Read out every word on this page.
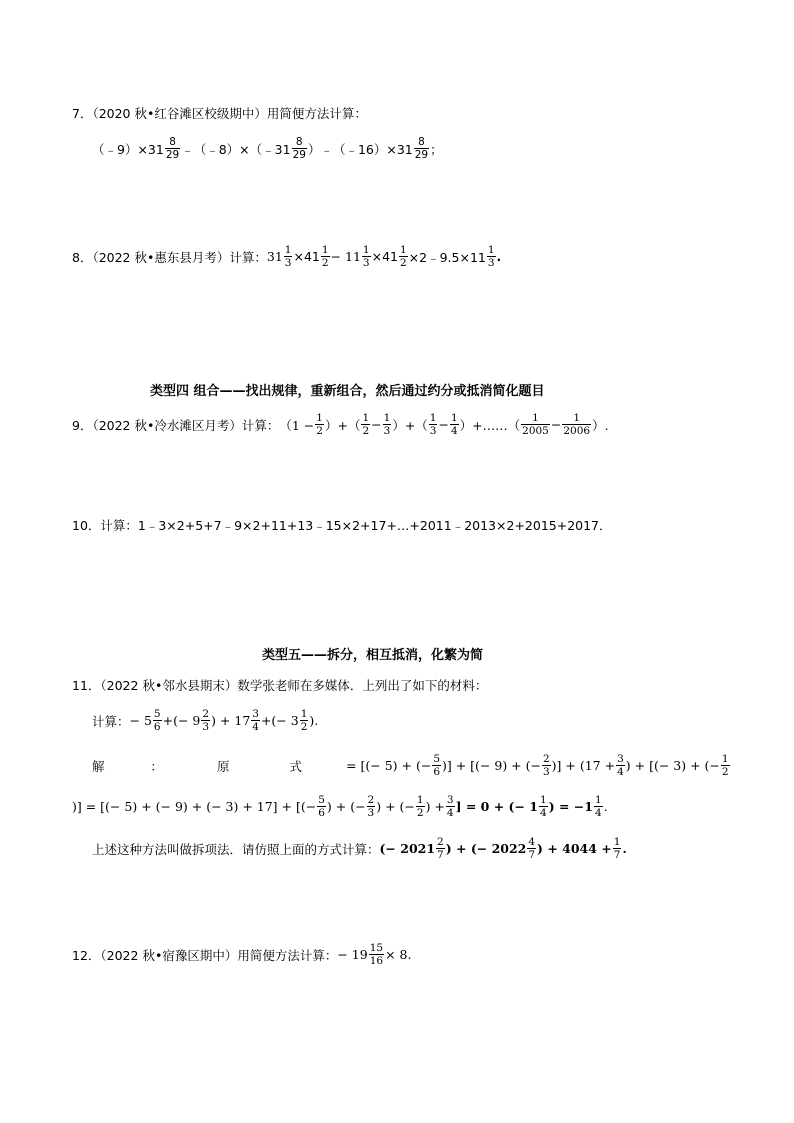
7．（2020 秋•红谷滩区校级期中）用简便方法计算：
（﹣9）×31 $\frac{8}{29}$ ﹣（﹣8）×（﹣31 $\frac{8}{29}$ ）﹣（﹣16）×31 $\frac{8}{29}$ ；
8．（2022 秋•惠东县月考）计算： $31 \frac{1}{3} \times 41 \frac{1}{2} - 11 \frac{1}{3} \times 41 \frac{1}{2}$ ×2﹣9.5×11 $\frac{1}{3}$ .
类型四 组合——找出规律，重新组合，然后通过约分或抵消简化题目
9．（2022 秋•冷水滩区月考）计算： （$1 - \frac{1}{2}$ ）+（ $\frac{1}{2} - \frac{1}{3}$ ）+（ $\frac{1}{3} - \frac{1}{4}$ ）+……（ $\frac{1}{2005} - \frac{1}{2006}$ ）.
10．计算：1﹣3×2+5+7﹣9×2+11+13﹣15×2+17+…+2011﹣2013×2+2015+2017．
类型五——拆分，相互抵消，化繁为简
11．（2022 秋•邻水县期末）数学张老师在多媒体．上列出了如下的材料：
计算： − $5 \frac{5}{6}$ +(− $9 \frac{2}{3}$ ) + $17 \frac{3}{4}$ +(− $3 \frac{1}{2}$ ).
解	：	原	式	= [(− 5) + (− $\frac{5}{6}$ )] + [(− 9) + (− $\frac{2}{3}$ )] + ($17 + \frac{3}{4}$ ) + [(− 3) + (− $\frac{1}{2}$
)] = [(− 5) + (− 9) + (− 3) + 17] + [(− $\frac{5}{6}$ ) + (− $\frac{2}{3}$ ) + (− $\frac{1}{2}$ ) + $\frac{3}{4}$ ] = 0 + (− $1 \frac{1}{4}$ ) = $-1 \frac{1}{4}$ .
上述这种方法叫做拆项法．请仿照上面的方式计算： (− $2021 \frac{2}{7}$ ) + (− $2022 \frac{4}{7}$ ) + $4044 + \frac{1}{7}$ .
12．（2022 秋•宿豫区期中）用简便方法计算： − $19 \frac{15}{16} \times 8$.
